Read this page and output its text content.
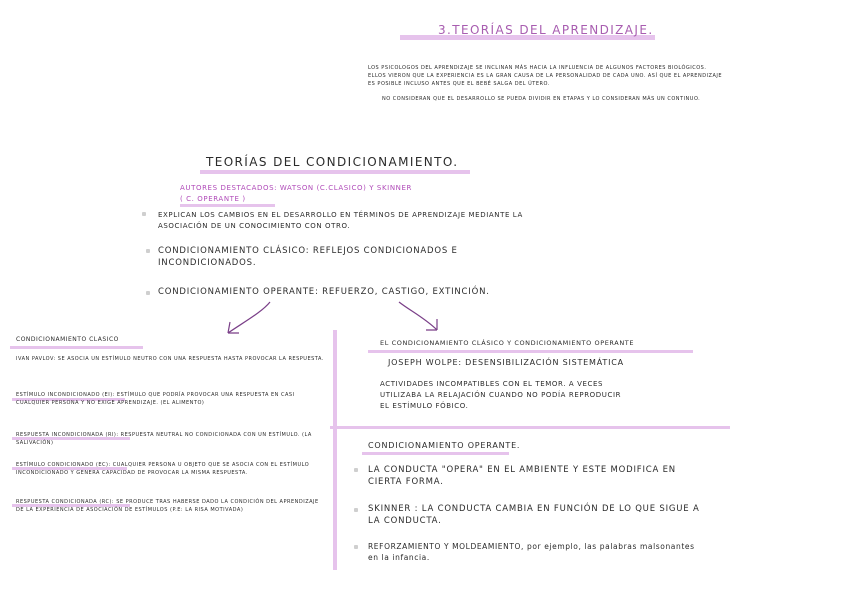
3.TEORÍAS DEL APRENDIZAJE.
LOS PSICOLOGOS DEL APRENDIZAJE SE INCLINAN MÁS HACIA LA INFLUENCIA DE ALGUNOS FACTORES BIOLÓGICOS. ELLOS VIERON QUE LA EXPERIENCIA ES LA GRAN CAUSA DE LA PERSONALIDAD DE CADA UNO. ASÍ QUE EL APRENDIZAJE ES POSIBLE INCLUSO ANTES QUE EL BEBÉ SALGA DEL ÚTERO.
NO CONSIDERAN QUE EL DESARROLLO SE PUEDA DIVIDIR EN ETAPAS Y LO CONSIDERAN MÁS UN CONTINUO.
TEORÍAS DEL CONDICIONAMIENTO.
AUTORES DESTACADOS: WATSON (C.CLASICO) Y SKINNER
( C. OPERANTE )
EXPLICAN LOS CAMBIOS EN EL DESARROLLO EN TÉRMINOS DE APRENDIZAJE MEDIANTE LA ASOCIACIÓN DE UN CONOCIMIENTO CON OTRO.
CONDICIONAMIENTO CLÁSICO: REFLEJOS CONDICIONADOS E INCONDICIONADOS.
CONDICIONAMIENTO OPERANTE: REFUERZO, CASTIGO, EXTINCIÓN.
CONDICIONAMIENTO CLASICO
IVAN PAVLOV: SE ASOCIA UN ESTÍMULO NEUTRO CON UNA RESPUESTA HASTA PROVOCAR LA RESPUESTA.
ESTÍMULO INCONDICIONADO (EI): ESTÍMULO QUE PODRÍA PROVOCAR UNA RESPUESTA EN CASI CUALQUIER PERSONA Y NO EXIGE APRENDIZAJE. (EL ALIMENTO)
RESPUESTA INCONDICIONADA (RI): RESPUESTA NEUTRAL NO CONDICIONADA CON UN ESTÍMULO. (LA SALIVACIÓN)
ESTÍMULO CONDICIONADO (EC): CUALQUIER PERSONA U OBJETO QUE SE ASOCIA CON EL ESTÍMULO INCONDICIONADO Y GENERA CAPACIDAD DE PROVOCAR LA MISMA RESPUESTA.
RESPUESTA CONDICIONADA (RC): SE PRODUCE TRAS HABERSE DADO LA CONDICIÓN DEL APRENDIZAJE DE LA EXPERIENCIA DE ASOCIACIÓN DE ESTÍMULOS (P.E: LA RISA MOTIVADA)
EL CONDICIONAMIENTO CLÁSICO Y CONDICIONAMIENTO OPERANTE
JOSEPH WOLPE: DESENSIBILIZACIÓN SISTEMÁTICA
ACTIVIDADES INCOMPATIBLES CON EL TEMOR. A VECES UTILIZABA LA RELAJACIÓN CUANDO NO PODÍA REPRODUCIR EL ESTÍMULO FÓBICO.
CONDICIONAMIENTO OPERANTE.
LA CONDUCTA "OPERA" EN EL AMBIENTE Y ESTE MODIFICA EN CIERTA FORMA.
SKINNER : LA CONDUCTA CAMBIA EN FUNCIÓN DE LO QUE SIGUE A LA CONDUCTA.
REFORZAMIENTO Y MOLDEAMIENTO, por ejemplo, las palabras malsonantes en la infancia.
